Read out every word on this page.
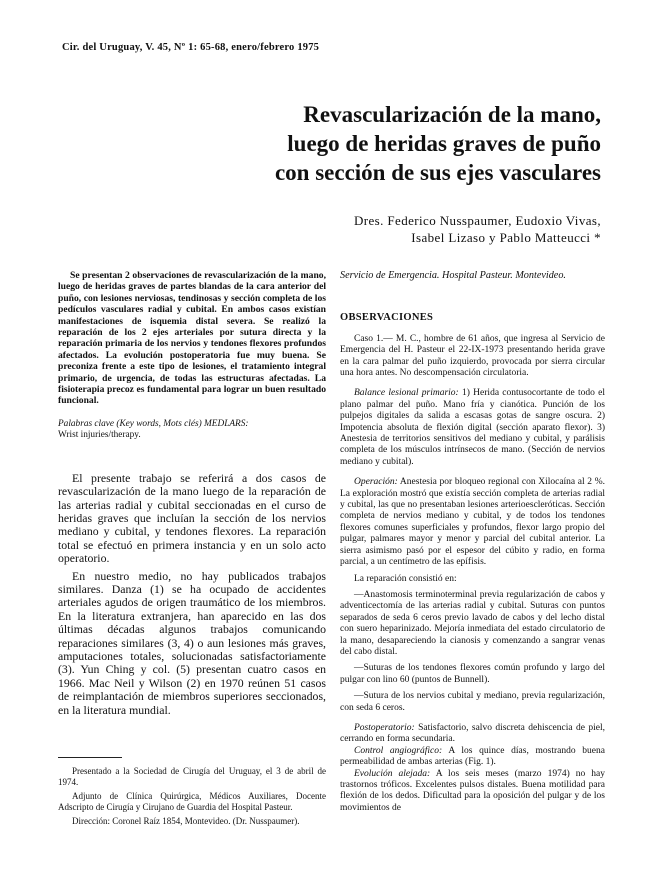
Cir. del Uruguay, V. 45, Nº 1: 65-68, enero/febrero 1975
Revascularización de la mano,
luego de heridas graves de puño
con sección de sus ejes vasculares
Dres. Federico Nusspaumer, Eudoxio Vivas,
Isabel Lizaso y Pablo Matteucci *

Se presentan 2 observaciones de revascularización de la mano, luego de heridas graves de partes blandas de la cara anterior del puño, con lesiones nerviosas, tendinosas y sección completa de los pedículos vasculares radial y cubital. En ambos casos existían manifestaciones de isquemia distal severa. Se realizó la reparación de los 2 ejes arteriales por sutura directa y la reparación primaria de los nervios y tendones flexores profundos afectados. La evolución postoperatoria fue muy buena. Se preconiza frente a este tipo de lesiones, el tratamiento integral primario, de urgencia, de todas las estructuras afectadas. La fisioterapia precoz es fundamental para lograr un buen resultado funcional.

Palabras clave (Key words, Mots clés) MEDLARS:
Wrist injuries/therapy.

El presente trabajo se referirá a dos casos de revascularización de la mano luego de la reparación de las arterias radial y cubital seccionadas en el curso de heridas graves que incluían la sección de los nervios mediano y cubital, y tendones flexores. La reparación total se efectuó en primera instancia y en un solo acto operatorio.

En nuestro medio, no hay publicados trabajos similares. Danza (1) se ha ocupado de accidentes arteriales agudos de origen traumático de los miembros. En la literatura extranjera, han aparecido en las dos últimas décadas algunos trabajos comunicando reparaciones similares (3, 4) o aun lesiones más graves, amputaciones totales, solucionadas satisfactoriamente (3). Yun Ching y col. (5) presentan cuatro casos en 1966. Mac Neil y Wilson (2) en 1970 reúnen 51 casos de reimplantación de miembros superiores seccionados, en la literatura mundial.

Presentado a la Sociedad de Cirugía del Uruguay, el 3 de abril de 1974.

Adjunto de Clínica Quirúrgica, Médicos Auxiliares, Docente Adscripto de Cirugía y Cirujano de Guardia del Hospital Pasteur.

Dirección: Coronel Raíz 1854, Montevideo. (Dr. Nusspaumer).

Servicio de Emergencia. Hospital Pasteur. Montevideo.
OBSERVACIONES

Caso 1.— M. C., hombre de 61 años, que ingresa al Servicio de Emergencia del H. Pasteur el 22-IX-1973 presentando herida grave en la cara palmar del puño izquierdo, provocada por sierra circular una hora antes. No descompensación circulatoria.

Balance lesional primario: 1) Herida contusocortante de todo el plano palmar del puño. Mano fría y cianótica. Punción de los pulpejos digitales da salida a escasas gotas de sangre oscura. 2) Impotencia absoluta de flexión digital (sección aparato flexor). 3) Anestesia de territorios sensitivos del mediano y cubital, y parálisis completa de los músculos intrínsecos de mano. (Sección de nervios mediano y cubital).

Operación: Anestesia por bloqueo regional con Xilocaína al 2 %. La exploración mostró que existía sección completa de arterias radial y cubital, las que no presentaban lesiones arterioescleróticas. Sección completa de nervios mediano y cubital, y de todos los tendones flexores comunes superficiales y profundos, flexor largo propio del pulgar, palmares mayor y menor y parcial del cubital anterior. La sierra asimismo pasó por el espesor del cúbito y radio, en forma parcial, a un centímetro de las epífisis.

La reparación consistió en:

—Anastomosis terminoterminal previa regularización de cabos y adventicectomía de las arterias radial y cubital. Suturas con puntos separados de seda 6 ceros previo lavado de cabos y del lecho distal con suero heparinizado. Mejoría inmediata del estado circulatorio de la mano, desapareciendo la cianosis y comenzando a sangrar venas del cabo distal.

—Suturas de los tendones flexores común profundo y largo del pulgar con lino 60 (puntos de Bunnell).

—Sutura de los nervios cubital y mediano, previa regularización, con seda 6 ceros.

Postoperatorio: Satisfactorio, salvo discreta dehiscencia de piel, cerrando en forma secundaria.

Control angiográfico: A los quince días, mostrando buena permeabilidad de ambas arterias (Fig. 1).

Evolución alejada: A los seis meses (marzo 1974) no hay trastornos tróficos. Excelentes pulsos distales. Buena motilidad para flexión de los dedos. Dificultad para la oposición del pulgar y de los movimientos de
